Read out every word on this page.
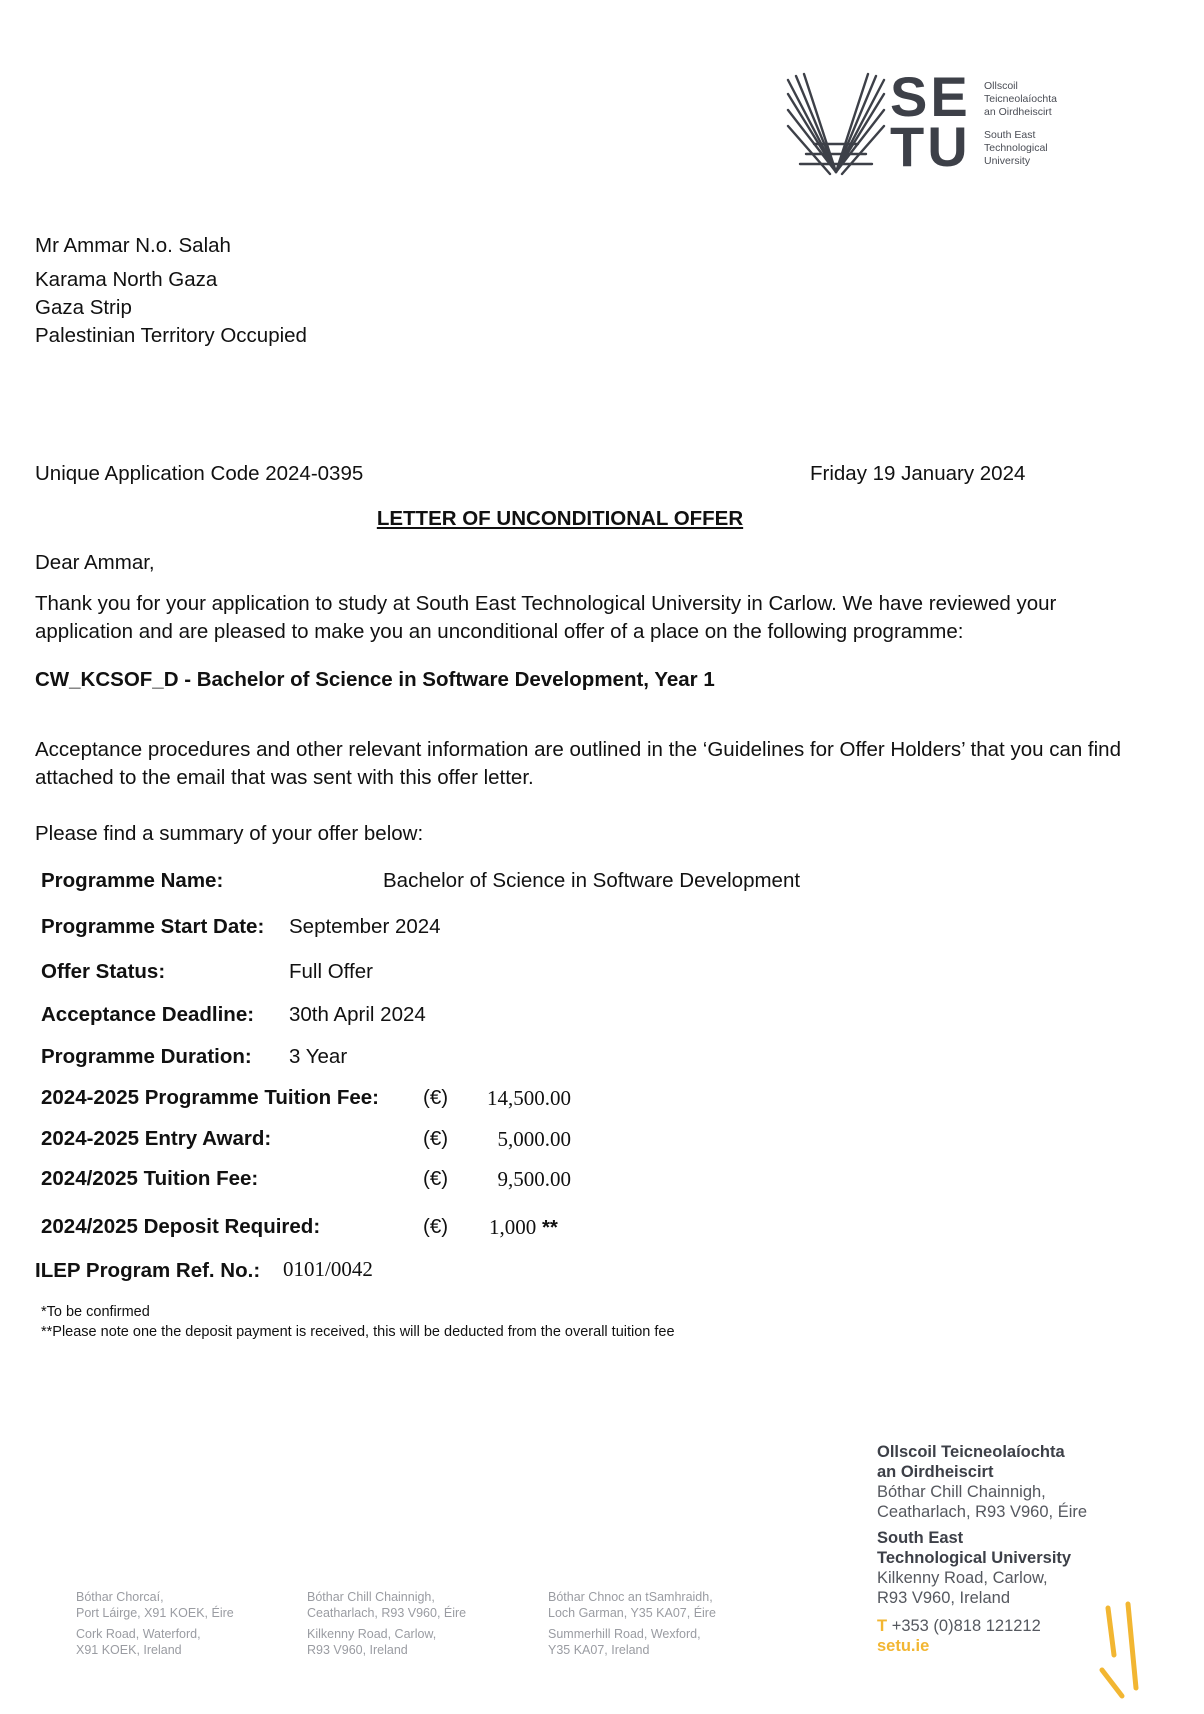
SE
TU
Ollscoil
Teicneolaíochta
an Oirdheiscirt
South East
Technological
University
Mr Ammar N.o. Salah
Karama North Gaza
Gaza Strip
Palestinian Territory Occupied
Unique Application Code 2024-0395	Friday 19 January 2024
LETTER OF UNCONDITIONAL OFFER
Dear Ammar,
Thank you for your application to study at South East Technological University in Carlow. We have reviewed your application and are pleased to make you an unconditional offer of a place on the following programme:
CW_KCSOF_D - Bachelor of Science in Software Development, Year 1
Acceptance procedures and other relevant information are outlined in the ‘Guidelines for Offer Holders’ that you can find attached to the email that was sent with this offer letter.
Please find a summary of your offer below:
Programme Name:	Bachelor of Science in Software Development
Programme Start Date: September 2024
Offer Status:	Full Offer
Acceptance Deadline: 30th April 2024
Programme Duration: 3 Year
2024-2025 Programme Tuition Fee: (€) 14,500.00
2024-2025 Entry Award:	(€) 5,000.00
2024/2025 Tuition Fee:	(€) 9,500.00
2024/2025 Deposit Required:	(€) 1,000 **
ILEP Program Ref. No.: 0101/0042
*To be confirmed
**Please note one the deposit payment is received, this will be deducted from the overall tuition fee
Bóthar Chorcaí,
Port Láirge, X91 KOEK, Éire
Cork Road, Waterford,
X91 KOEK, Ireland
Bóthar Chill Chainnigh,
Ceatharlach, R93 V960, Éire
Kilkenny Road, Carlow,
R93 V960, Ireland
Bóthar Chnoc an tSamhraidh,
Loch Garman, Y35 KA07, Éire
Summerhill Road, Wexford,
Y35 KA07, Ireland
Ollscoil Teicneolaíochta
an Oirdheiscirt
Bóthar Chill Chainnigh,
Ceatharlach, R93 V960, Éire
South East
Technological University
Kilkenny Road, Carlow,
R93 V960, Ireland
T +353 (0)818 121212
setu.ie
